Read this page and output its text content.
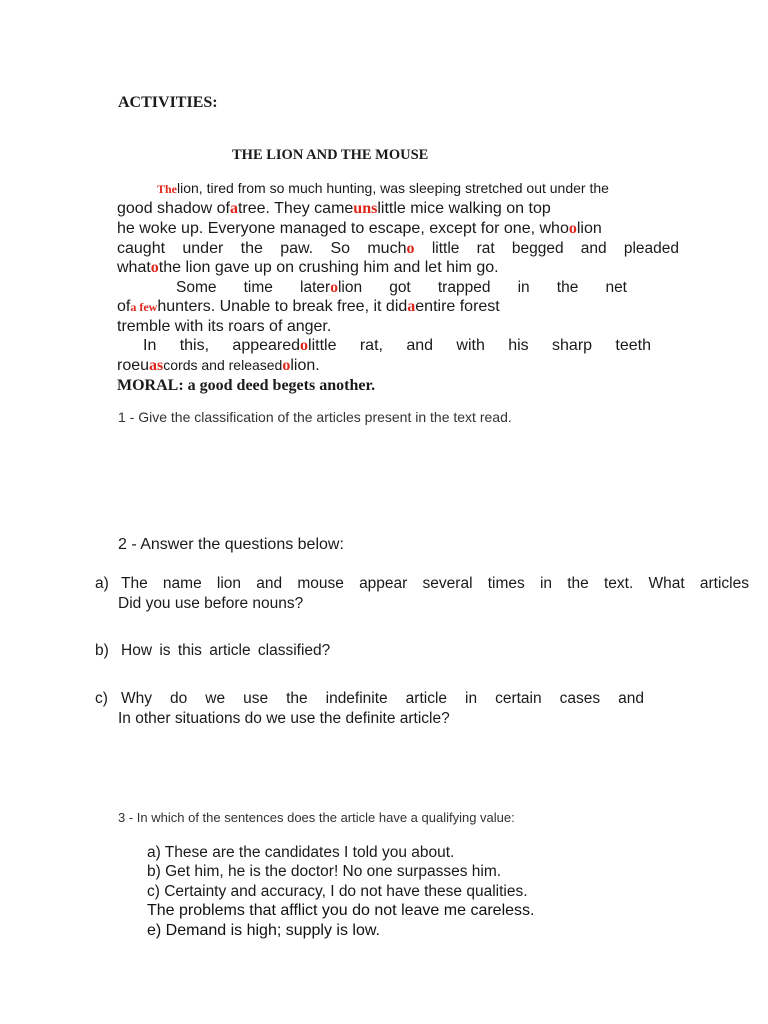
ACTIVITIES:
THE LION AND THE MOUSE
Thelion, tired from so much hunting, was sleeping stretched out under the
good shadow ofatree. They cameunslittle mice walking on top
he woke up. Everyone managed to escape, except for one, whoolion
caught under the paw. So mucho little rat begged and pleaded
whatothe lion gave up on crushing him and let him go.
Some time laterolion got trapped in the net
ofa fewhunters. Unable to break free, it didaentire forest
tremble with its roars of anger.
In this, appearedolittle rat, and with his sharp teeth
roeuascords and releasedolion.
MORAL: a good deed begets another.
1 - Give the classification of the articles present in the text read.
2 - Answer the questions below:
a) The name lion and mouse appear several times in the text. What articles
Did you use before nouns?
b) How is this article classified?
c) Why do we use the indefinite article in certain cases and
In other situations do we use the definite article?
3 - In which of the sentences does the article have a qualifying value:
a) These are the candidates I told you about.
b) Get him, he is the doctor! No one surpasses him.
c) Certainty and accuracy, I do not have these qualities.
The problems that afflict you do not leave me careless.
e) Demand is high; supply is low.
